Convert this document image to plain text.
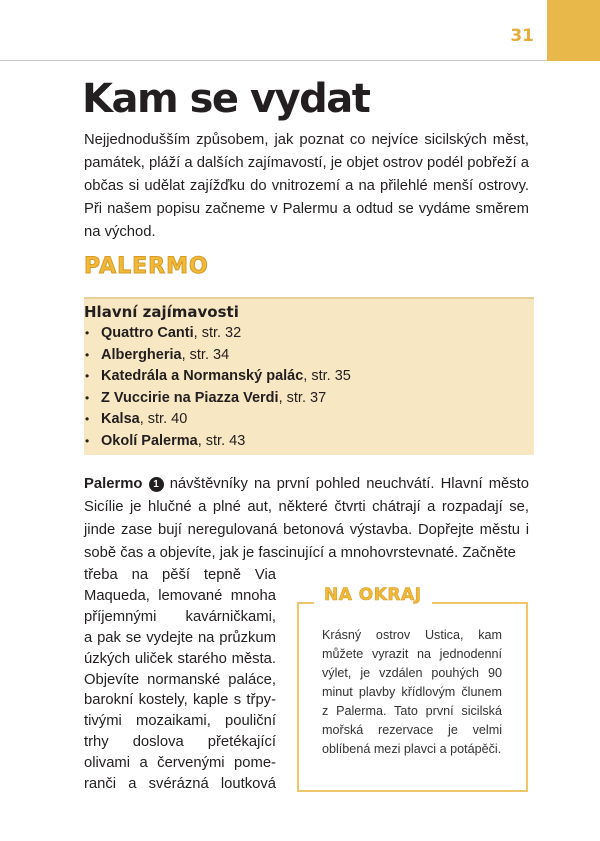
31
Kam se vydat

Nejjednodušším způsobem, jak poznat co nejvíce sicilských měst, památek, pláží a dalších zajímavostí, je objet ostrov podél pobřeží a občas si udělat zajížďku do vnitrozemí a na přilehlé menší ostrovy. Při našem popisu začneme v Palermu a odtud se vydáme směrem na východ.

PALERMO
Hlavní zajímavosti
• Quattro Canti, str. 32
• Albergheria, str. 34
• Katedrála a Normanský palác, str. 35
• Z Vuccirie na Piazza Verdi, str. 37
• Kalsa, str. 40
• Okolí Palerma, str. 43

Palermo 1 návštěvníky na první pohled neuchvátí. Hlavní město Sicílie je hlučné a plné aut, některé čtvrti chátrají a rozpadají se, jinde zase bují neregulovaná betonová výstavba. Dopřejte městu i sobě čas a objevíte, jak je fascinující a mnohovrstevnaté. Začněte

třeba na pěší tepně Via
Maqueda, lemované mnoha
příjemnými kavárničkami,
a pak se vydejte na průzkum
úzkých uliček starého města.
Objevíte normanské paláce,
barokní kostely, kaple s třpy-
tivými mozaikami, pouliční
trhy doslova přetékající
olivami a červenými pome-
ranči a svérázná loutková
NA OKRAJ

Krásný ostrov Ustica, kam můžete vyrazit na jednodenní výlet, je vzdálen pouhých 90 minut plavby křídlovým člunem z Palerma. Tato první sicilská mořská rezervace je velmi oblíbená mezi plavci a potápěči.
